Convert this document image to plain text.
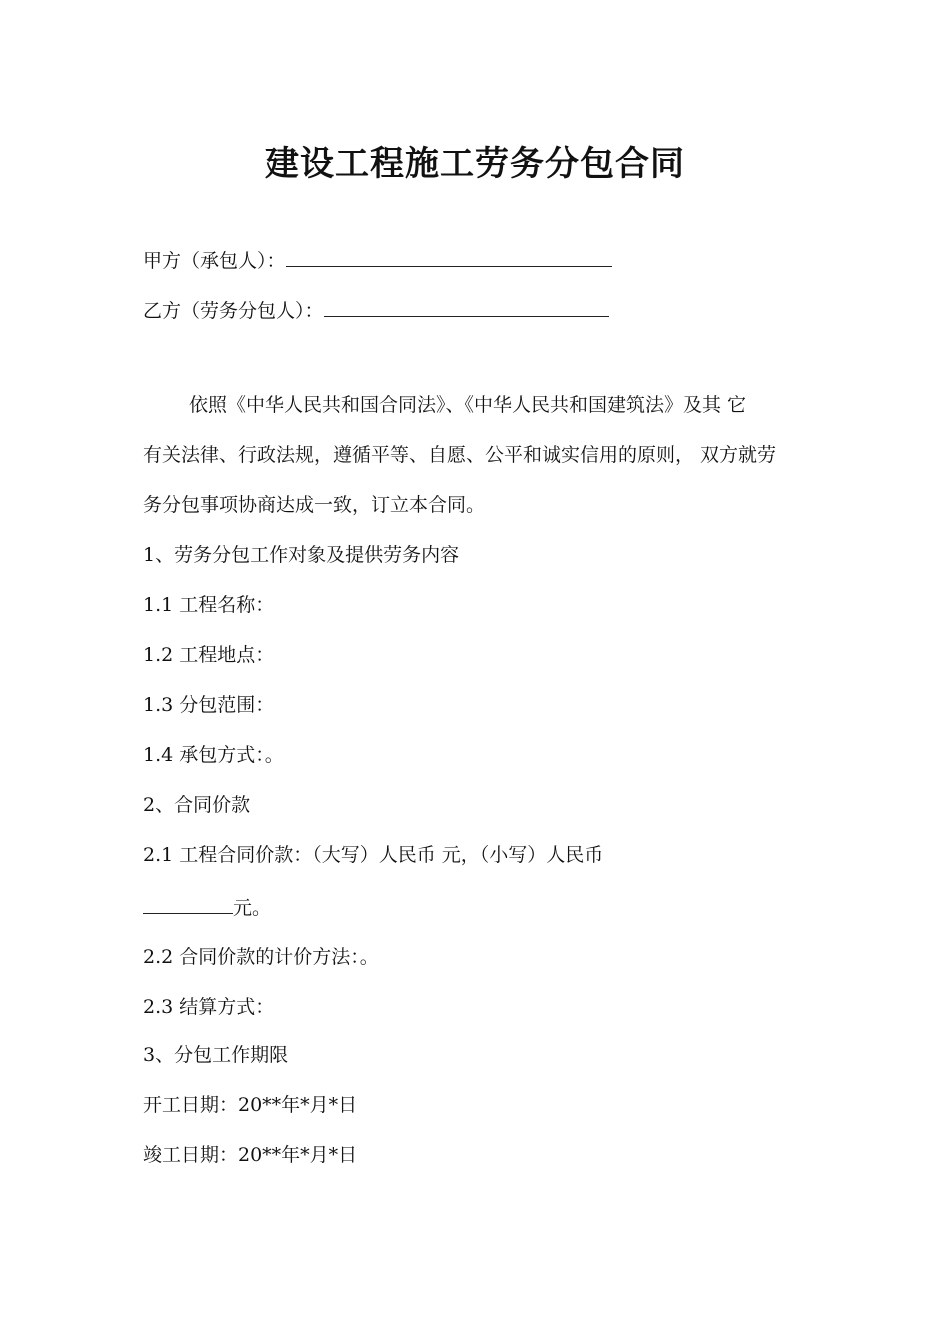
建设工程施工劳务分包合同
甲方（承包人）：
乙方（劳务分包人）：
依照《中华人民共和国合同法》、《中华人民共和国建筑法》及其 它
有关法律、行政法规，遵循平等、自愿、公平和诚实信用的原则， 双方就劳
务分包事项协商达成一致，订立本合同。
1、劳务分包工作对象及提供劳务内容
1.1 工程名称：
1.2 工程地点：
1.3 分包范围：
1.4 承包方式：。
2、合同价款
2.1 工程合同价款：（大写）人民币 元，（小写）人民币
元。
2.2 合同价款的计价方法：。
2.3 结算方式：
3、分包工作期限
开工日期：20**年*月*日
竣工日期：20**年*月*日
